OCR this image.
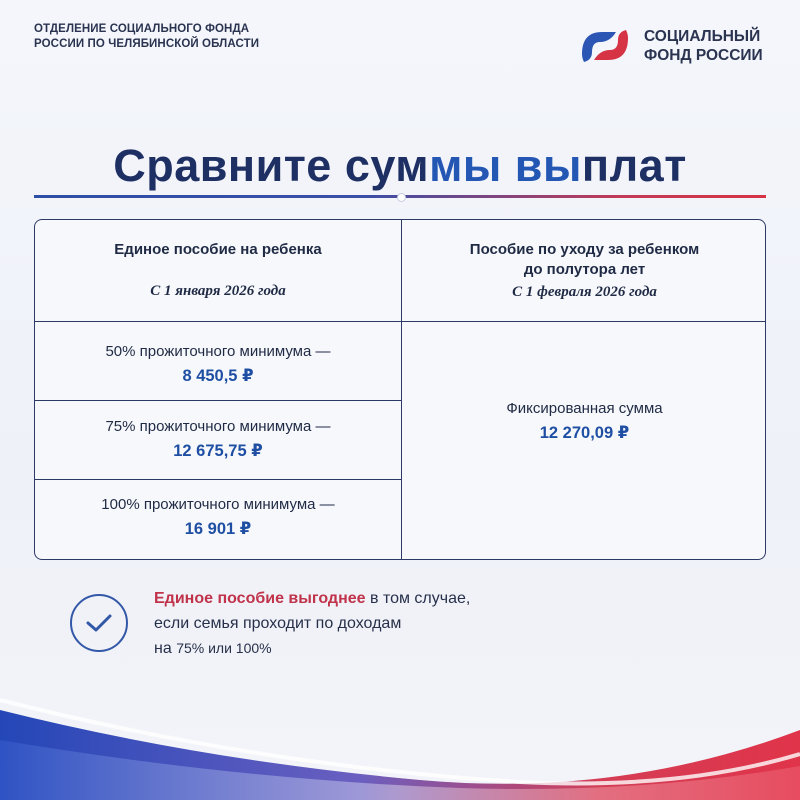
ОТДЕЛЕНИЕ СОЦИАЛЬНОГО ФОНДА
РОССИИ ПО ЧЕЛЯБИНСКОЙ ОБЛАСТИ	СОЦИАЛЬНЫЙ
ФОНД РОССИИ
Сравните суммы выплат
Единое пособие на ребенка
С 1 января 2026 года
Пособие по уходу за ребенком
до полутора лет
С 1 февраля 2026 года
50% прожиточного минимума —
8 450,5 ₽
75% прожиточного минимума —
12 675,75 ₽
100% прожиточного минимума —
16 901 ₽
Фиксированная сумма
12 270,09 ₽
Единое пособие выгоднее в том случае,
если семья проходит по доходам
на 75% или 100%
